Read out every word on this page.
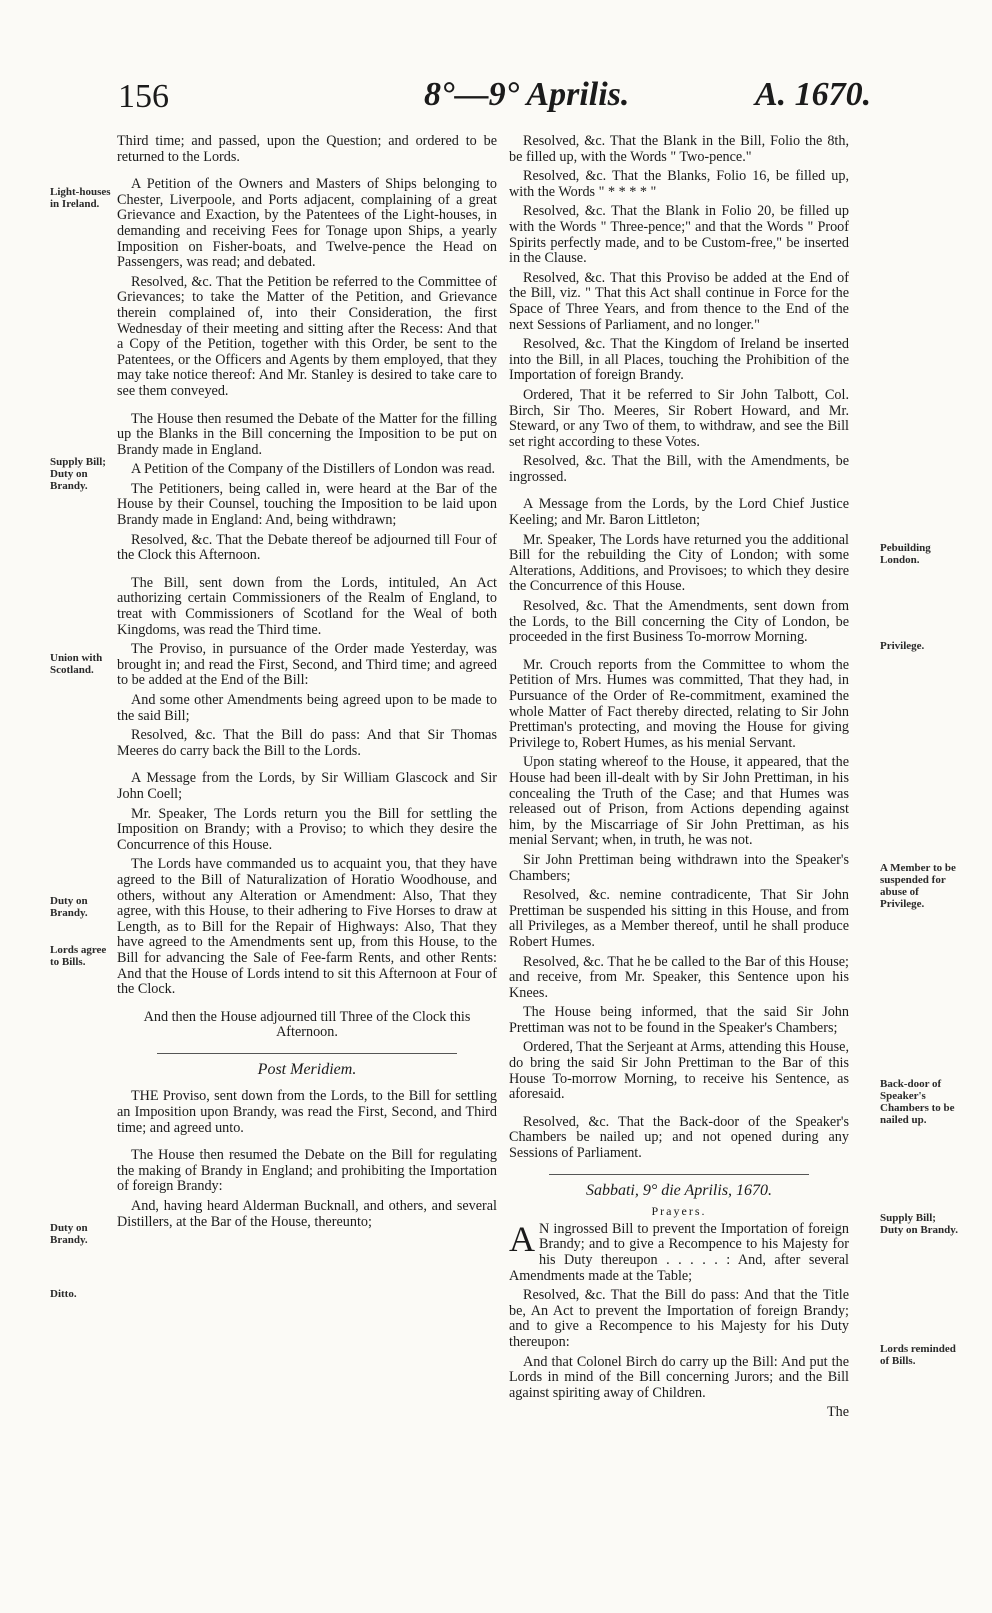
156	8°—9° Aprilis.	A. 1670.
Light-houses in Ireland.
Supply Bill; Duty on Brandy.
Union with Scotland.
Duty on Brandy.
Lords agree to Bills.
Duty on Brandy.
Ditto.
Pebuilding London.
Privilege.
A Member to be suspended for abuse of Privilege.
Back-door of Speaker's Chambers to be nailed up.
Supply Bill; Duty on Brandy.
Lords reminded of Bills.

Third time; and passed, upon the Question; and ordered to be returned to the Lords.

A Petition of the Owners and Masters of Ships belonging to Chester, Liverpoole, and Ports adjacent, complaining of a great Grievance and Exaction, by the Patentees of the Light-houses, in demanding and receiving Fees for Tonage upon Ships, a yearly Imposition on Fisher-boats, and Twelve-pence the Head on Passengers, was read; and debated.

Resolved, &c. That the Petition be referred to the Committee of Grievances; to take the Matter of the Petition, and Grievance therein complained of, into their Consideration, the first Wednesday of their meeting and sitting after the Recess: And that a Copy of the Petition, together with this Order, be sent to the Patentees, or the Officers and Agents by them employed, that they may take notice thereof: And Mr. Stanley is desired to take care to see them conveyed.

The House then resumed the Debate of the Matter for the filling up the Blanks in the Bill concerning the Imposition to be put on Brandy made in England.

A Petition of the Company of the Distillers of London was read.

The Petitioners, being called in, were heard at the Bar of the House by their Counsel, touching the Imposition to be laid upon Brandy made in England: And, being withdrawn;

Resolved, &c. That the Debate thereof be adjourned till Four of the Clock this Afternoon.

The Bill, sent down from the Lords, intituled, An Act authorizing certain Commissioners of the Realm of England, to treat with Commissioners of Scotland for the Weal of both Kingdoms, was read the Third time.

The Proviso, in pursuance of the Order made Yesterday, was brought in; and read the First, Second, and Third time; and agreed to be added at the End of the Bill:

And some other Amendments being agreed upon to be made to the said Bill;

Resolved, &c. That the Bill do pass: And that Sir Thomas Meeres do carry back the Bill to the Lords.

A Message from the Lords, by Sir William Glascock and Sir John Coell;

Mr. Speaker, The Lords return you the Bill for settling the Imposition on Brandy; with a Proviso; to which they desire the Concurrence of this House.

The Lords have commanded us to acquaint you, that they have agreed to the Bill of Naturalization of Horatio Woodhouse, and others, without any Alteration or Amendment: Also, That they agree, with this House, to their adhering to Five Horses to draw at Length, as to Bill for the Repair of Highways: Also, That they have agreed to the Amendments sent up, from this House, to the Bill for advancing the Sale of Fee-farm Rents, and other Rents: And that the House of Lords intend to sit this Afternoon at Four of the Clock.

And then the House adjourned till Three of the Clock this Afternoon.

Post Meridiem.

THE Proviso, sent down from the Lords, to the Bill for settling an Imposition upon Brandy, was read the First, Second, and Third time; and agreed unto.

The House then resumed the Debate on the Bill for regulating the making of Brandy in England; and prohibiting the Importation of foreign Brandy:

And, having heard Alderman Bucknall, and others, and several Distillers, at the Bar of the House, thereunto;

Resolved, &c. That the Blank in the Bill, Folio the 8th, be filled up, with the Words " Two-pence."

Resolved, &c. That the Blanks, Folio 16, be filled up, with the Words " * * * * "

Resolved, &c. That the Blank in Folio 20, be filled up with the Words " Three-pence;" and that the Words " Proof Spirits perfectly made, and to be Custom-free," be inserted in the Clause.

Resolved, &c. That this Proviso be added at the End of the Bill, viz. " That this Act shall continue in Force for the Space of Three Years, and from thence to the End of the next Sessions of Parliament, and no longer."

Resolved, &c. That the Kingdom of Ireland be inserted into the Bill, in all Places, touching the Prohibition of the Importation of foreign Brandy.

Ordered, That it be referred to Sir John Talbott, Col. Birch, Sir Tho. Meeres, Sir Robert Howard, and Mr. Steward, or any Two of them, to withdraw, and see the Bill set right according to these Votes.

Resolved, &c. That the Bill, with the Amendments, be ingrossed.

A Message from the Lords, by the Lord Chief Justice Keeling; and Mr. Baron Littleton;

Mr. Speaker, The Lords have returned you the additional Bill for the rebuilding the City of London; with some Alterations, Additions, and Provisoes; to which they desire the Concurrence of this House.

Resolved, &c. That the Amendments, sent down from the Lords, to the Bill concerning the City of London, be proceeded in the first Business To-morrow Morning.

Mr. Crouch reports from the Committee to whom the Petition of Mrs. Humes was committed, That they had, in Pursuance of the Order of Re-commitment, examined the whole Matter of Fact thereby directed, relating to Sir John Prettiman's protecting, and moving the House for giving Privilege to, Robert Humes, as his menial Servant.

Upon stating whereof to the House, it appeared, that the House had been ill-dealt with by Sir John Prettiman, in his concealing the Truth of the Case; and that Humes was released out of Prison, from Actions depending against him, by the Miscarriage of Sir John Prettiman, as his menial Servant; when, in truth, he was not.

Sir John Prettiman being withdrawn into the Speaker's Chambers;

Resolved, &c. nemine contradicente, That Sir John Prettiman be suspended his sitting in this House, and from all Privileges, as a Member thereof, until he shall produce Robert Humes.

Resolved, &c. That he be called to the Bar of this House; and receive, from Mr. Speaker, this Sentence upon his Knees.

The House being informed, that the said Sir John Prettiman was not to be found in the Speaker's Chambers;

Ordered, That the Serjeant at Arms, attending this House, do bring the said Sir John Prettiman to the Bar of this House To-morrow Morning, to receive his Sentence, as aforesaid.

Resolved, &c. That the Back-door of the Speaker's Chambers be nailed up; and not opened during any Sessions of Parliament.

Sabbati, 9° die Aprilis, 1670.
Prayers.

A N ingrossed Bill to prevent the Importation of foreign Brandy; and to give a Recompence to his Majesty for his Duty thereupon . . . . . : And, after several Amendments made at the Table;

Resolved, &c. That the Bill do pass: And that the Title be, An Act to prevent the Importation of foreign Brandy; and to give a Recompence to his Majesty for his Duty thereupon:

And that Colonel Birch do carry up the Bill: And put the Lords in mind of the Bill concerning Jurors; and the Bill against spiriting away of Children.

The
